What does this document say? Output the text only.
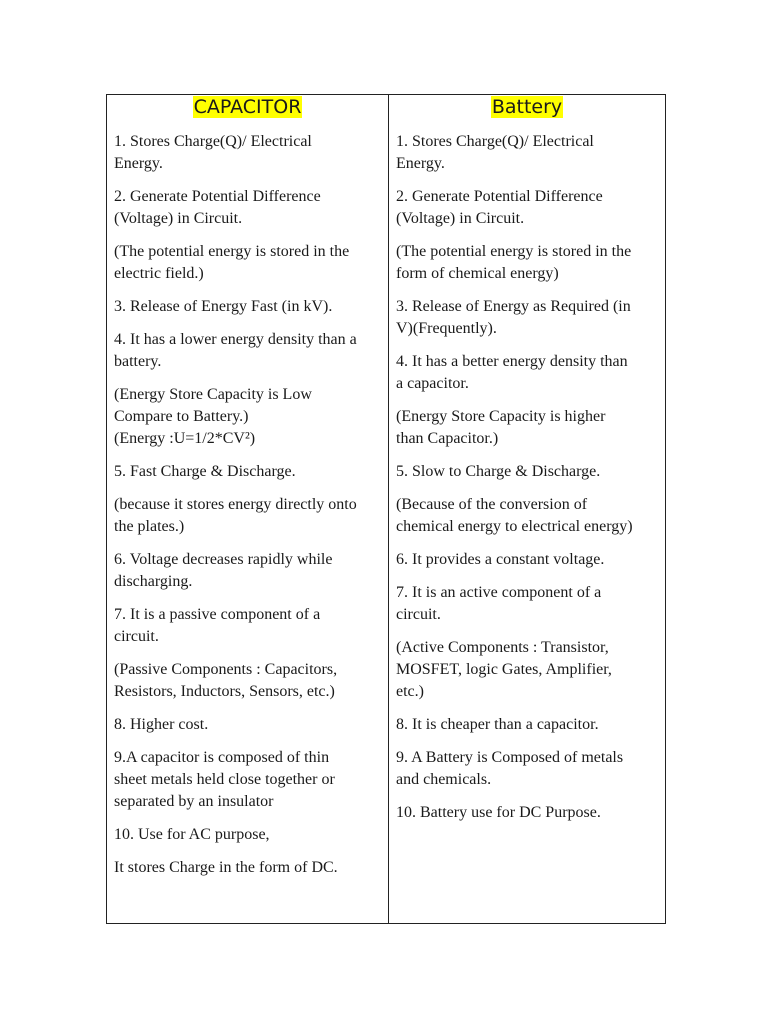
CAPACITOR
1. Stores Charge(Q)/ Electrical
Energy.
2. Generate Potential Difference
(Voltage) in Circuit.
(The potential energy is stored in the
electric field.)
3. Release of Energy Fast (in kV).
4. It has a lower energy density than a
battery.
(Energy Store Capacity is Low
Compare to Battery.)
(Energy :U=1/2*CV²)
5. Fast Charge & Discharge.
(because it stores energy directly onto
the plates.)
6. Voltage decreases rapidly while
discharging.
7. It is a passive component of a
circuit.
(Passive Components : Capacitors,
Resistors, Inductors, Sensors, etc.)
8. Higher cost.
9.A capacitor is composed of thin
sheet metals held close together or
separated by an insulator
10. Use for AC purpose,
It stores Charge in the form of DC.
Battery
1. Stores Charge(Q)/ Electrical
Energy.
2. Generate Potential Difference
(Voltage) in Circuit.
(The potential energy is stored in the
form of chemical energy)
3. Release of Energy as Required (in
V)(Frequently).
4. It has a better energy density than
a capacitor.
(Energy Store Capacity is higher
than Capacitor.)
5. Slow to Charge & Discharge.
(Because of the conversion of
chemical energy to electrical energy)
6. It provides a constant voltage.
7. It is an active component of a
circuit.
(Active Components : Transistor,
MOSFET, logic Gates, Amplifier,
etc.)
8. It is cheaper than a capacitor.
9. A Battery is Composed of metals
and chemicals.
10. Battery use for DC Purpose.
